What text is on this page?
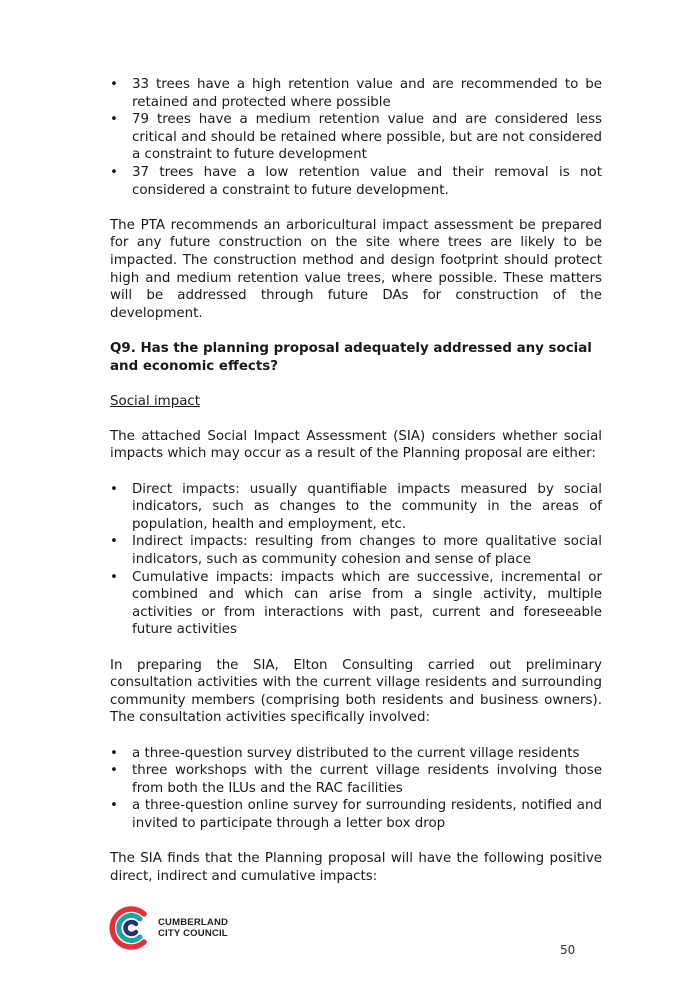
• 33 trees have a high retention value and are recommended to be retained and protected where possible
• 79 trees have a medium retention value and are considered less critical and should be retained where possible, but are not considered a constraint to future development
• 37 trees have a low retention value and their removal is not considered a constraint to future development.

The PTA recommends an arboricultural impact assessment be prepared for any future construction on the site where trees are likely to be impacted. The construction method and design footprint should protect high and medium retention value trees, where possible. These matters will be addressed through future DAs for construction of the development.

Q9. Has the planning proposal adequately addressed any social and economic effects?

Social impact

The attached Social Impact Assessment (SIA) considers whether social impacts which may occur as a result of the Planning proposal are either:

• Direct impacts: usually quantifiable impacts measured by social indicators, such as changes to the community in the areas of population, health and employment, etc.
• Indirect impacts: resulting from changes to more qualitative social indicators, such as community cohesion and sense of place
• Cumulative impacts: impacts which are successive, incremental or combined and which can arise from a single activity, multiple activities or from interactions with past, current and foreseeable future activities

In preparing the SIA, Elton Consulting carried out preliminary consultation activities with the current village residents and surrounding community members (comprising both residents and business owners). The consultation activities specifically involved:

• a three-question survey distributed to the current village residents
• three workshops with the current village residents involving those from both the ILUs and the RAC facilities
• a three-question online survey for surrounding residents, notified and invited to participate through a letter box drop

The SIA finds that the Planning proposal will have the following positive direct, indirect and cumulative impacts:

CUMBERLAND
CITY COUNCIL
50
